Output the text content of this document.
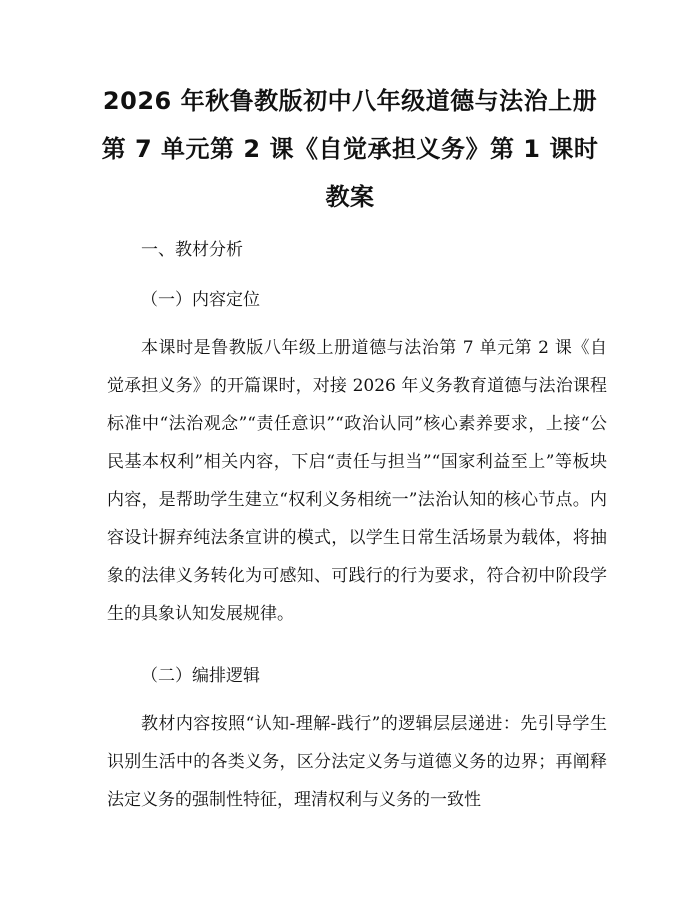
2026 年秋鲁教版初中八年级道德与法治上册
第 7 单元第 2 课《自觉承担义务》第 1 课时
教案
一、教材分析
（一）内容定位

本课时是鲁教版八年级上册道德与法治第 7 单元第 2 课《自觉承担义务》的开篇课时，对接 2026 年义务教育道德与法治课程标准中“法治观念”“责任意识”“政治认同”核心素养要求，上接“公民基本权利”相关内容，下启“责任与担当”“国家利益至上”等板块内容，是帮助学生建立“权利义务相统一”法治认知的核心节点。内容设计摒弃纯法条宣讲的模式，以学生日常生活场景为载体，将抽象的法律义务转化为可感知、可践行的行为要求，符合初中阶段学生的具象认知发展规律。

（二）编排逻辑

教材内容按照“认知-理解-践行”的逻辑层层递进：先引导学生识别生活中的各类义务，区分法定义务与道德义务的边界；再阐释法定义务的强制性特征，理清权利与义务的一致性
